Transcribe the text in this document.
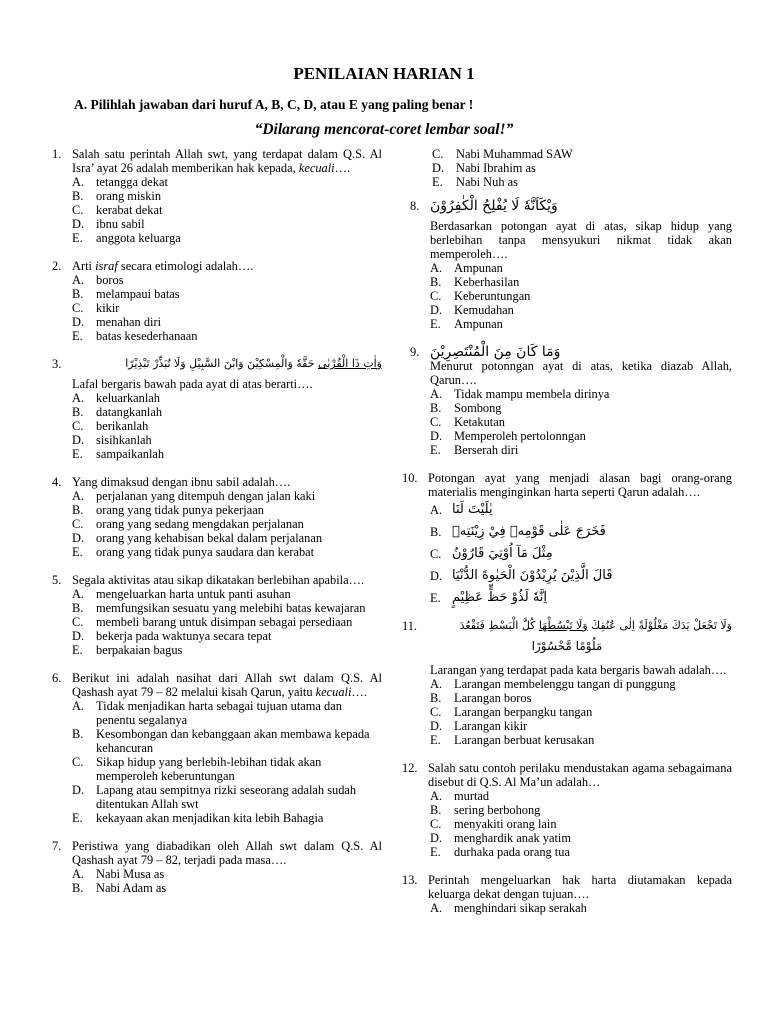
PENILAIAN HARIAN 1
A. Pilihlah jawaban dari huruf A, B, C, D, atau E yang paling benar !
“Dilarang mencorat-coret lembar soal!”
1. Salah satu perintah Allah swt, yang terdapat dalam Q.S. Al Isra’ ayat 26 adalah memberikan hak kepada, kecuali….
A. tetangga dekat
B.	orang miskin
C.	kerabat dekat
D. ibnu sabil
E.	anggota keluarga
2. Arti israf secara etimologi adalah….
A. boros
B.	melampaui batas
C.	kikir
D. menahan diri
E.	batas kesederhanaan
3.	وَاٰتِ ذَا الْقُرْبٰى حَقَّهٗ وَالْمِسْكِيْنَ وَابْنَ السَّبِيْلِ وَلَا تُبَذِّرْ تَبْذِيْرًا
Lafal bergaris bawah pada ayat di atas berarti….
A. keluarkanlah
B.	datangkanlah
C.	berikanlah
D. sisihkanlah
E.	sampaikanlah
4. Yang dimaksud dengan ibnu sabil adalah….
A. perjalanan yang ditempuh dengan jalan kaki
B.	orang yang tidak punya pekerjaan
C.	orang yang sedang mengdakan perjalanan
D. orang yang kehabisan bekal dalam perjalanan
E.	orang yang tidak punya saudara dan kerabat
5. Segala aktivitas atau sikap dikatakan berlebihan apabila….
A. mengeluarkan harta untuk panti asuhan
B.	memfungsikan sesuatu yang melebihi batas kewajaran
C.	membeli barang untuk disimpan sebagai persediaan
D. bekerja pada waktunya secara tepat
E.	berpakaian bagus
6. Berikut ini adalah nasihat dari Allah swt dalam Q.S. Al Qashash ayat 79 – 82 melalui kisah Qarun, yaitu kecuali….
A. Tidak menjadikan harta sebagai tujuan utama dan penentu segalanya
B.	Kesombongan dan kebanggaan akan membawa kepada kehancuran
C.	Sikap hidup yang berlebih-lebihan tidak akan memperoleh keberuntungan
D. Lapang atau sempitnya rizki seseorang adalah sudah ditentukan Allah swt
E.	kekayaan akan menjadikan kita lebih Bahagia
7. Peristiwa yang diabadikan oleh Allah swt dalam Q.S. Al Qashash ayat 79 – 82, terjadi pada masa….
A. Nabi Musa as
B.	Nabi Adam as
C.	Nabi Muhammad SAW
D. Nabi Ibrahim as
E.	Nabi Nuh as
8. وَيْكَاَنَّهٗ لَا يُفْلِحُ الْكٰفِرُوْنَ
Berdasarkan potongan ayat di atas, sikap hidup yang berlebihan tanpa mensyukuri nikmat tidak akan memperoleh….
A. Ampunan
B.	Keberhasilan
C.	Keberuntungan
D. Kemudahan
E.	Ampunan
9. وَمَا كَانَ مِنَ الْمُنْتَصِرِيْنَ
Menurut potonngan ayat di atas, ketika diazab Allah, Qarun….
A. Tidak mampu membela dirinya
B.	Sombong
C.	Ketakutan
D. Memperoleh pertolonngan
E.	Berserah diri
10. Potongan ayat yang menjadi alasan bagi orang-orang materialis menginginkan harta seperti Qarun adalah….
A. يٰلَيْتَ لَنَا
B. فَخَرَجَ عَلٰى قَوْمِهٖ فِيْ زِيْنَتِهٖ
C. مِثْلَ مَآ اُوْتِيَ قَارُوْنُ
D. قَالَ الَّذِيْنَ يُرِيْدُوْنَ الْحَيٰوةَ الدُّنْيَا
E. اِنَّهٗ لَذُوْ حَظٍّ عَظِيْمٍ
11.	وَلَا تَجْعَلْ يَدَكَ مَغْلُوْلَةً اِلٰى عُنُقِكَ وَلَا تَبْسُطْهَا كُلَّ الْبَسْطِ فَتَقْعُدَ
مَلُوْمًا مَّحْسُوْرًا
Larangan yang terdapat pada kata bergaris bawah adalah….
A. Larangan membelenggu tangan di punggung
B.	Larangan boros
C.	Larangan berpangku tangan
D. Larangan kikir
E.	Larangan berbuat kerusakan
12. Salah satu contoh perilaku mendustakan agama sebagaimana disebut di Q.S. Al Ma’un adalah…
A. murtad
B.	sering berbohong
C.	menyakiti orang lain
D. menghardik anak yatim
E.	durhaka pada orang tua
13. Perintah mengeluarkan hak harta diutamakan kepada keluarga dekat dengan tujuan….
A. menghindari sikap serakah
